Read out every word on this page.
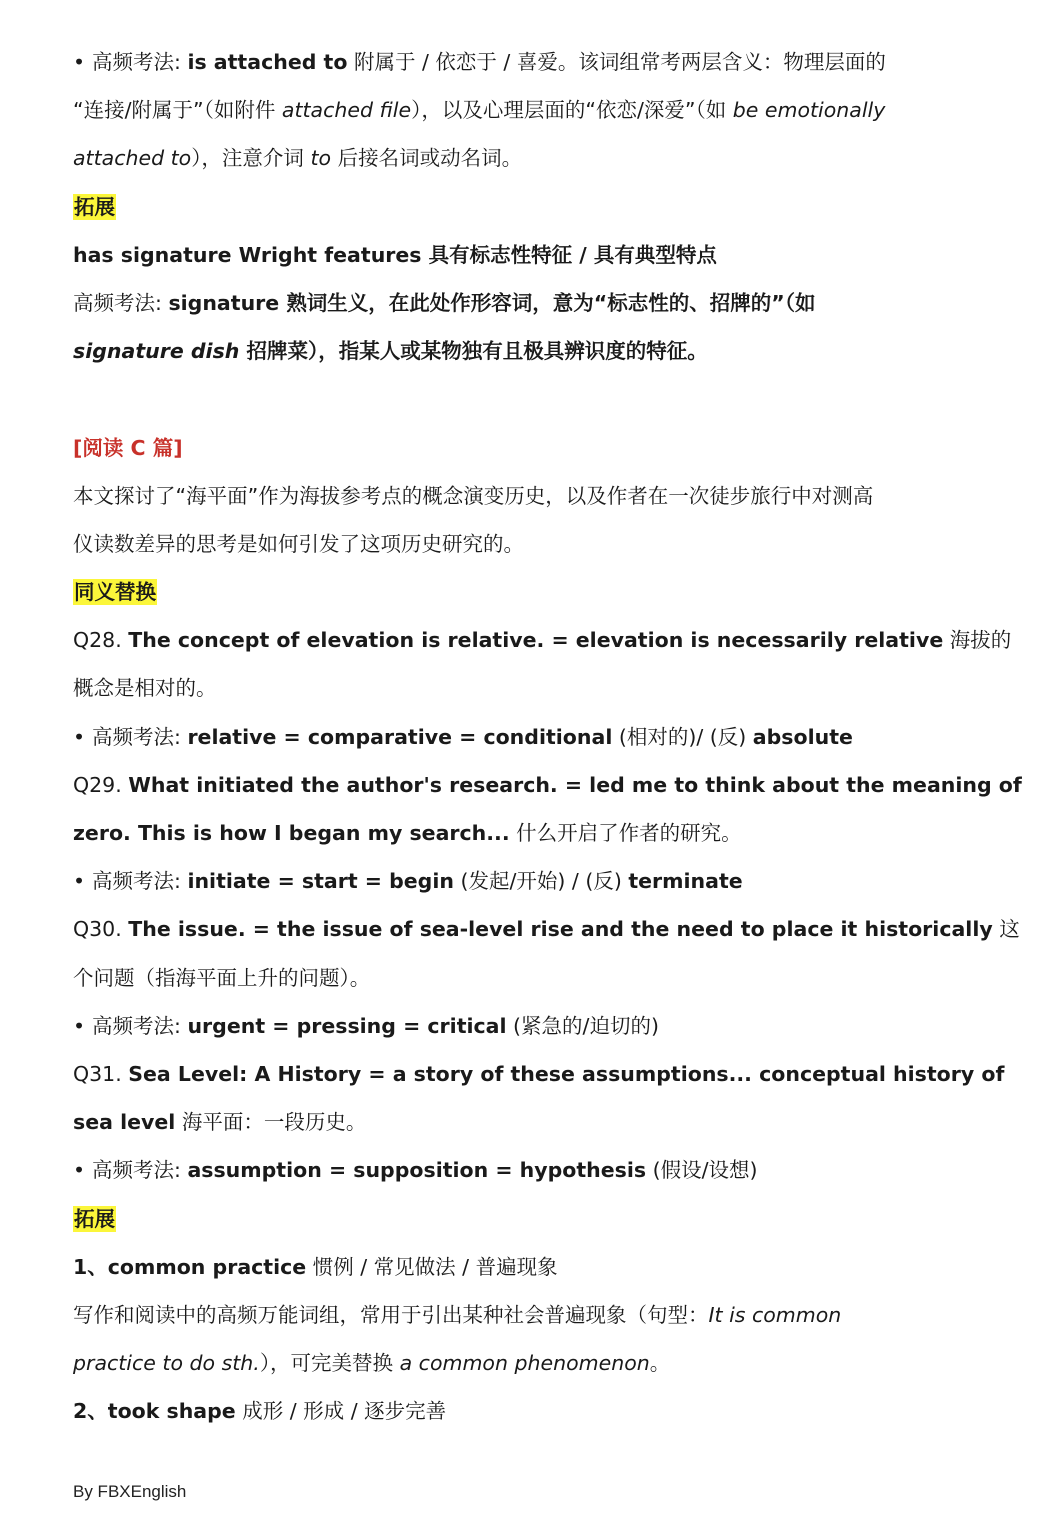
• 高频考法: is attached to 附属于 / 依恋于 / 喜爱。该词组常考两层含义：物理层面的
“连接/附属于”（如附件 attached file），以及心理层面的“依恋/深爱”（如 be emotionally
attached to），注意介词 to 后接名词或动名词。
拓展
has signature Wright features 具有标志性特征 / 具有典型特点
高频考法: signature 熟词生义，在此处作形容词，意为“标志性的、招牌的”（如
signature dish 招牌菜），指某人或某物独有且极具辨识度的特征。
[阅读 C 篇]
本文探讨了“海平面”作为海拔参考点的概念演变历史，以及作者在一次徒步旅行中对测高
仪读数差异的思考是如何引发了这项历史研究的。
同义替换
Q28. The concept of elevation is relative. = elevation is necessarily relative 海拔的
概念是相对的。
• 高频考法: relative = comparative = conditional (相对的)/ (反) absolute
Q29. What initiated the author's research. = led me to think about the meaning of
zero. This is how I began my search... 什么开启了作者的研究。
• 高频考法: initiate = start = begin (发起/开始) / (反) terminate
Q30. The issue. = the issue of sea-level rise and the need to place it historically 这
个问题（指海平面上升的问题）。
• 高频考法: urgent = pressing = critical (紧急的/迫切的)
Q31. Sea Level: A History = a story of these assumptions... conceptual history of
sea level 海平面：一段历史。
• 高频考法: assumption = supposition = hypothesis (假设/设想)
拓展
1、common practice 惯例 / 常见做法 / 普遍现象
写作和阅读中的高频万能词组，常用于引出某种社会普遍现象（句型：It is common
practice to do sth.），可完美替换 a common phenomenon。
2、took shape 成形 / 形成 / 逐步完善
By FBXEnglish
